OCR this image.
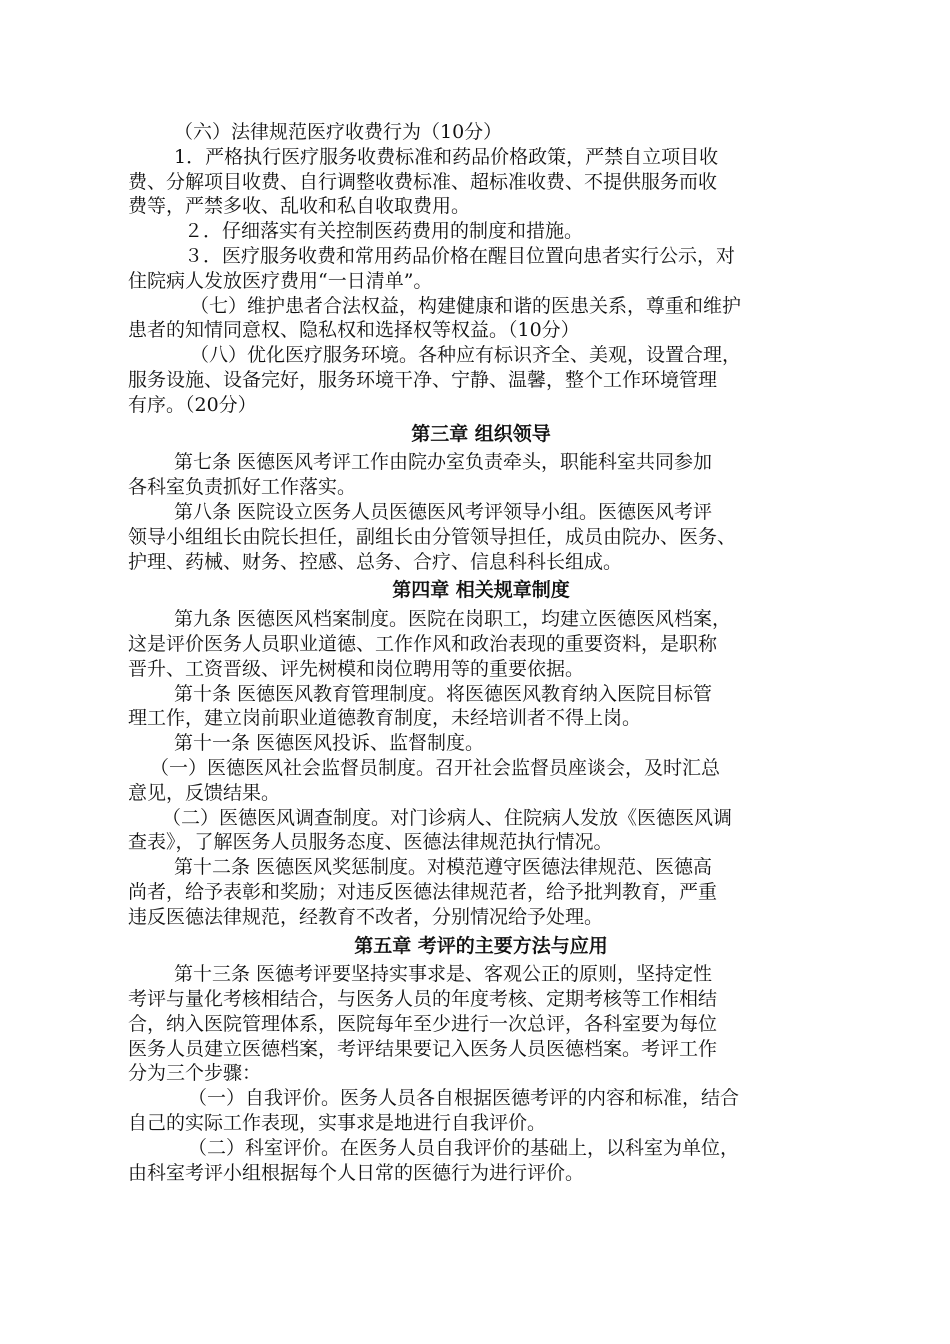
（六）法律规范医疗收费行为（10分）
1．严格执行医疗服务收费标准和药品价格政策，严禁自立项目收
费、分解项目收费、自行调整收费标准、超标准收费、不提供服务而收
费等，严禁多收、乱收和私自收取费用。
２．仔细落实有关控制医药费用的制度和措施。
３．医疗服务收费和常用药品价格在醒目位置向患者实行公示，对
住院病人发放医疗费用“一日清单”。
（七）维护患者合法权益，构建健康和谐的医患关系，尊重和维护
患者的知情同意权、隐私权和选择权等权益。（10分）
（八）优化医疗服务环境。各种应有标识齐全、美观，设置合理，
服务设施、设备完好，服务环境干净、宁静、温馨，整个工作环境管理
有序。（20分）
第三章 组织领导
第七条 医德医风考评工作由院办室负责牵头，职能科室共同参加
各科室负责抓好工作落实。
第八条 医院设立医务人员医德医风考评领导小组。医德医风考评
领导小组组长由院长担任，副组长由分管领导担任，成员由院办、医务、
护理、药械、财务、控感、总务、合疗、信息科科长组成。
第四章 相关规章制度
第九条 医德医风档案制度。医院在岗职工，均建立医德医风档案，
这是评价医务人员职业道德、工作作风和政治表现的重要资料，是职称
晋升、工资晋级、评先树模和岗位聘用等的重要依据。
第十条 医德医风教育管理制度。将医德医风教育纳入医院目标管
理工作，建立岗前职业道德教育制度，未经培训者不得上岗。
第十一条 医德医风投诉、监督制度。
（一）医德医风社会监督员制度。召开社会监督员座谈会，及时汇总
意见，反馈结果。
（二）医德医风调查制度。对门诊病人、住院病人发放《医德医风调
查表》，了解医务人员服务态度、医德法律规范执行情况。
第十二条 医德医风奖惩制度。对模范遵守医德法律规范、医德高
尚者，给予表彰和奖励；对违反医德法律规范者，给予批判教育，严重
违反医德法律规范，经教育不改者，分别情况给予处理。
第五章 考评的主要方法与应用
第十三条 医德考评要坚持实事求是、客观公正的原则，坚持定性
考评与量化考核相结合，与医务人员的年度考核、定期考核等工作相结
合，纳入医院管理体系，医院每年至少进行一次总评，各科室要为每位
医务人员建立医德档案，考评结果要记入医务人员医德档案。考评工作
分为三个步骤：
（一）自我评价。医务人员各自根据医德考评的内容和标准，结合
自己的实际工作表现，实事求是地进行自我评价。
（二）科室评价。在医务人员自我评价的基础上，以科室为单位，
由科室考评小组根据每个人日常的医德行为进行评价。
